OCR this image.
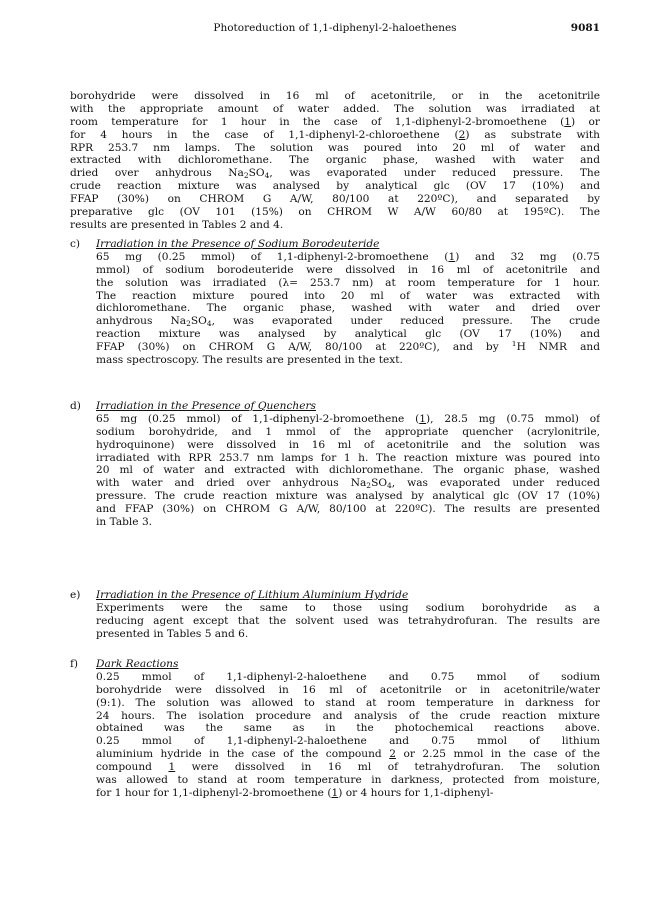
Photoreduction of 1,1-diphenyl-2-haloethenes	9081
borohydride were dissolved in 16 ml of acetonitrile, or in the acetonitrile
with the appropriate amount of water added. The solution was irradiated at
room temperature for 1 hour in the case of 1,1-diphenyl-2-bromoethene (1) or
for 4 hours in the case of 1,1-diphenyl-2-chloroethene (2) as substrate with
RPR 253.7 nm lamps. The solution was poured into 20 ml of water and
extracted with dichloromethane. The organic phase, washed with water and
dried over anhydrous $Na_2SO_4$, was evaporated under reduced pressure. The
crude reaction mixture was analysed by analytical glc (OV 17 (10%) and
FFAP (30%) on CHROM G A/W, 80/100 at 220ºC), and separated by
preparative glc (OV 101 (15%) on CHROM W A/W 60/80 at 195ºC). The
results are presented in Tables 2 and 4.
c)	Irradiation in the Presence of Sodium Borodeuteride
65 mg (0.25 mmol) of 1,1-diphenyl-2-bromoethene (1) and 32 mg (0.75
mmol) of sodium borodeuteride were dissolved in 16 ml of acetonitrile and
the solution was irradiated (λ= 253.7 nm) at room temperature for 1 hour.
The reaction mixture poured into 20 ml of water was extracted with
dichloromethane. The organic phase, washed with water and dried over
anhydrous $Na_2SO_4$, was evaporated under reduced pressure. The crude
reaction mixture was analysed by analytical glc (OV 17 (10%) and
FFAP (30%) on CHROM G A/W, 80/100 at 220ºC), and by $^1$H NMR and
mass spectroscopy. The results are presented in the text.
d)	Irradiation in the Presence of Quenchers
65 mg (0.25 mmol) of 1,1-diphenyl-2-bromoethene (1), 28.5 mg (0.75 mmol) of
sodium borohydride, and 1 mmol of the appropriate quencher (acrylonitrile,
hydroquinone) were dissolved in 16 ml of acetonitrile and the solution was
irradiated with RPR 253.7 nm lamps for 1 h. The reaction mixture was poured into
20 ml of water and extracted with dichloromethane. The organic phase, washed
with water and dried over anhydrous $Na_2SO_4$, was evaporated under reduced
pressure. The crude reaction mixture was analysed by analytical glc (OV 17 (10%)
and FFAP (30%) on CHROM G A/W, 80/100 at 220ºC). The results are presented
in Table 3.
e)	Irradiation in the Presence of Lithium Aluminium Hydride
Experiments were the same to those using sodium borohydride as a
reducing agent except that the solvent used was tetrahydrofuran. The results are
presented in Tables 5 and 6.
f)	Dark Reactions
0.25 mmol of 1,1-diphenyl-2-haloethene and 0.75 mmol of sodium
borohydride were dissolved in 16 ml of acetonitrile or in acetonitrile/water
(9:1). The solution was allowed to stand at room temperature in darkness for
24 hours. The isolation procedure and analysis of the crude reaction mixture
obtained was the same as in the photochemical reactions above.
0.25 mmol of 1,1-diphenyl-2-haloethene and 0.75 mmol of lithium
aluminium hydride in the case of the compound 2 or 2.25 mmol in the case of the
compound 1 were dissolved in 16 ml of tetrahydrofuran. The solution
was allowed to stand at room temperature in darkness, protected from moisture,
for 1 hour for 1,1-diphenyl-2-bromoethene (1) or 4 hours for 1,1-diphenyl-
